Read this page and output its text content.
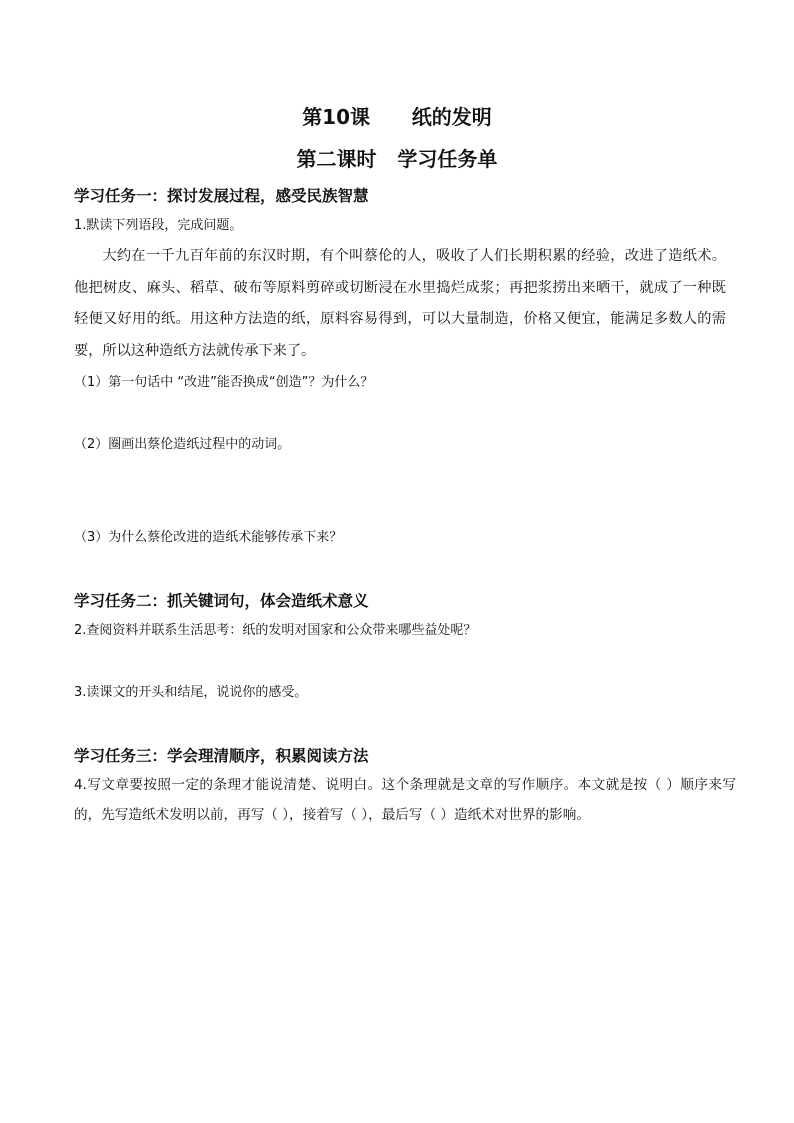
第10课      纸的发明
第二课时   学习任务单
学习任务一：探讨发展过程，感受民族智慧

1.默读下列语段，完成问题。

大约在一千九百年前的东汉时期，有个叫蔡伦的人，吸收了人们长期积累的经验，改进了造纸术。他把树皮、麻头、稻草、破布等原料剪碎或切断浸在水里捣烂成浆；再把浆捞出来晒干，就成了一种既轻便又好用的纸。用这种方法造的纸，原料容易得到，可以大量制造，价格又便宜，能满足多数人的需要，所以这种造纸方法就传承下来了。

（1）第一句话中 “改进”能否换成“创造”？为什么？

（2）圈画出蔡伦造纸过程中的动词。

（3）为什么蔡伦改进的造纸术能够传承下来？

学习任务二：抓关键词句，体会造纸术意义

2.查阅资料并联系生活思考：纸的发明对国家和公众带来哪些益处呢？

3.读课文的开头和结尾，说说你的感受。

学习任务三：学会理清顺序，积累阅读方法

4.写文章要按照一定的条理才能说清楚、说明白。这个条理就是文章的写作顺序。本文就是按（ ）顺序来写的，先写造纸术发明以前，再写（ ），接着写（ ），最后写（ ）造纸术对世界的影响。
